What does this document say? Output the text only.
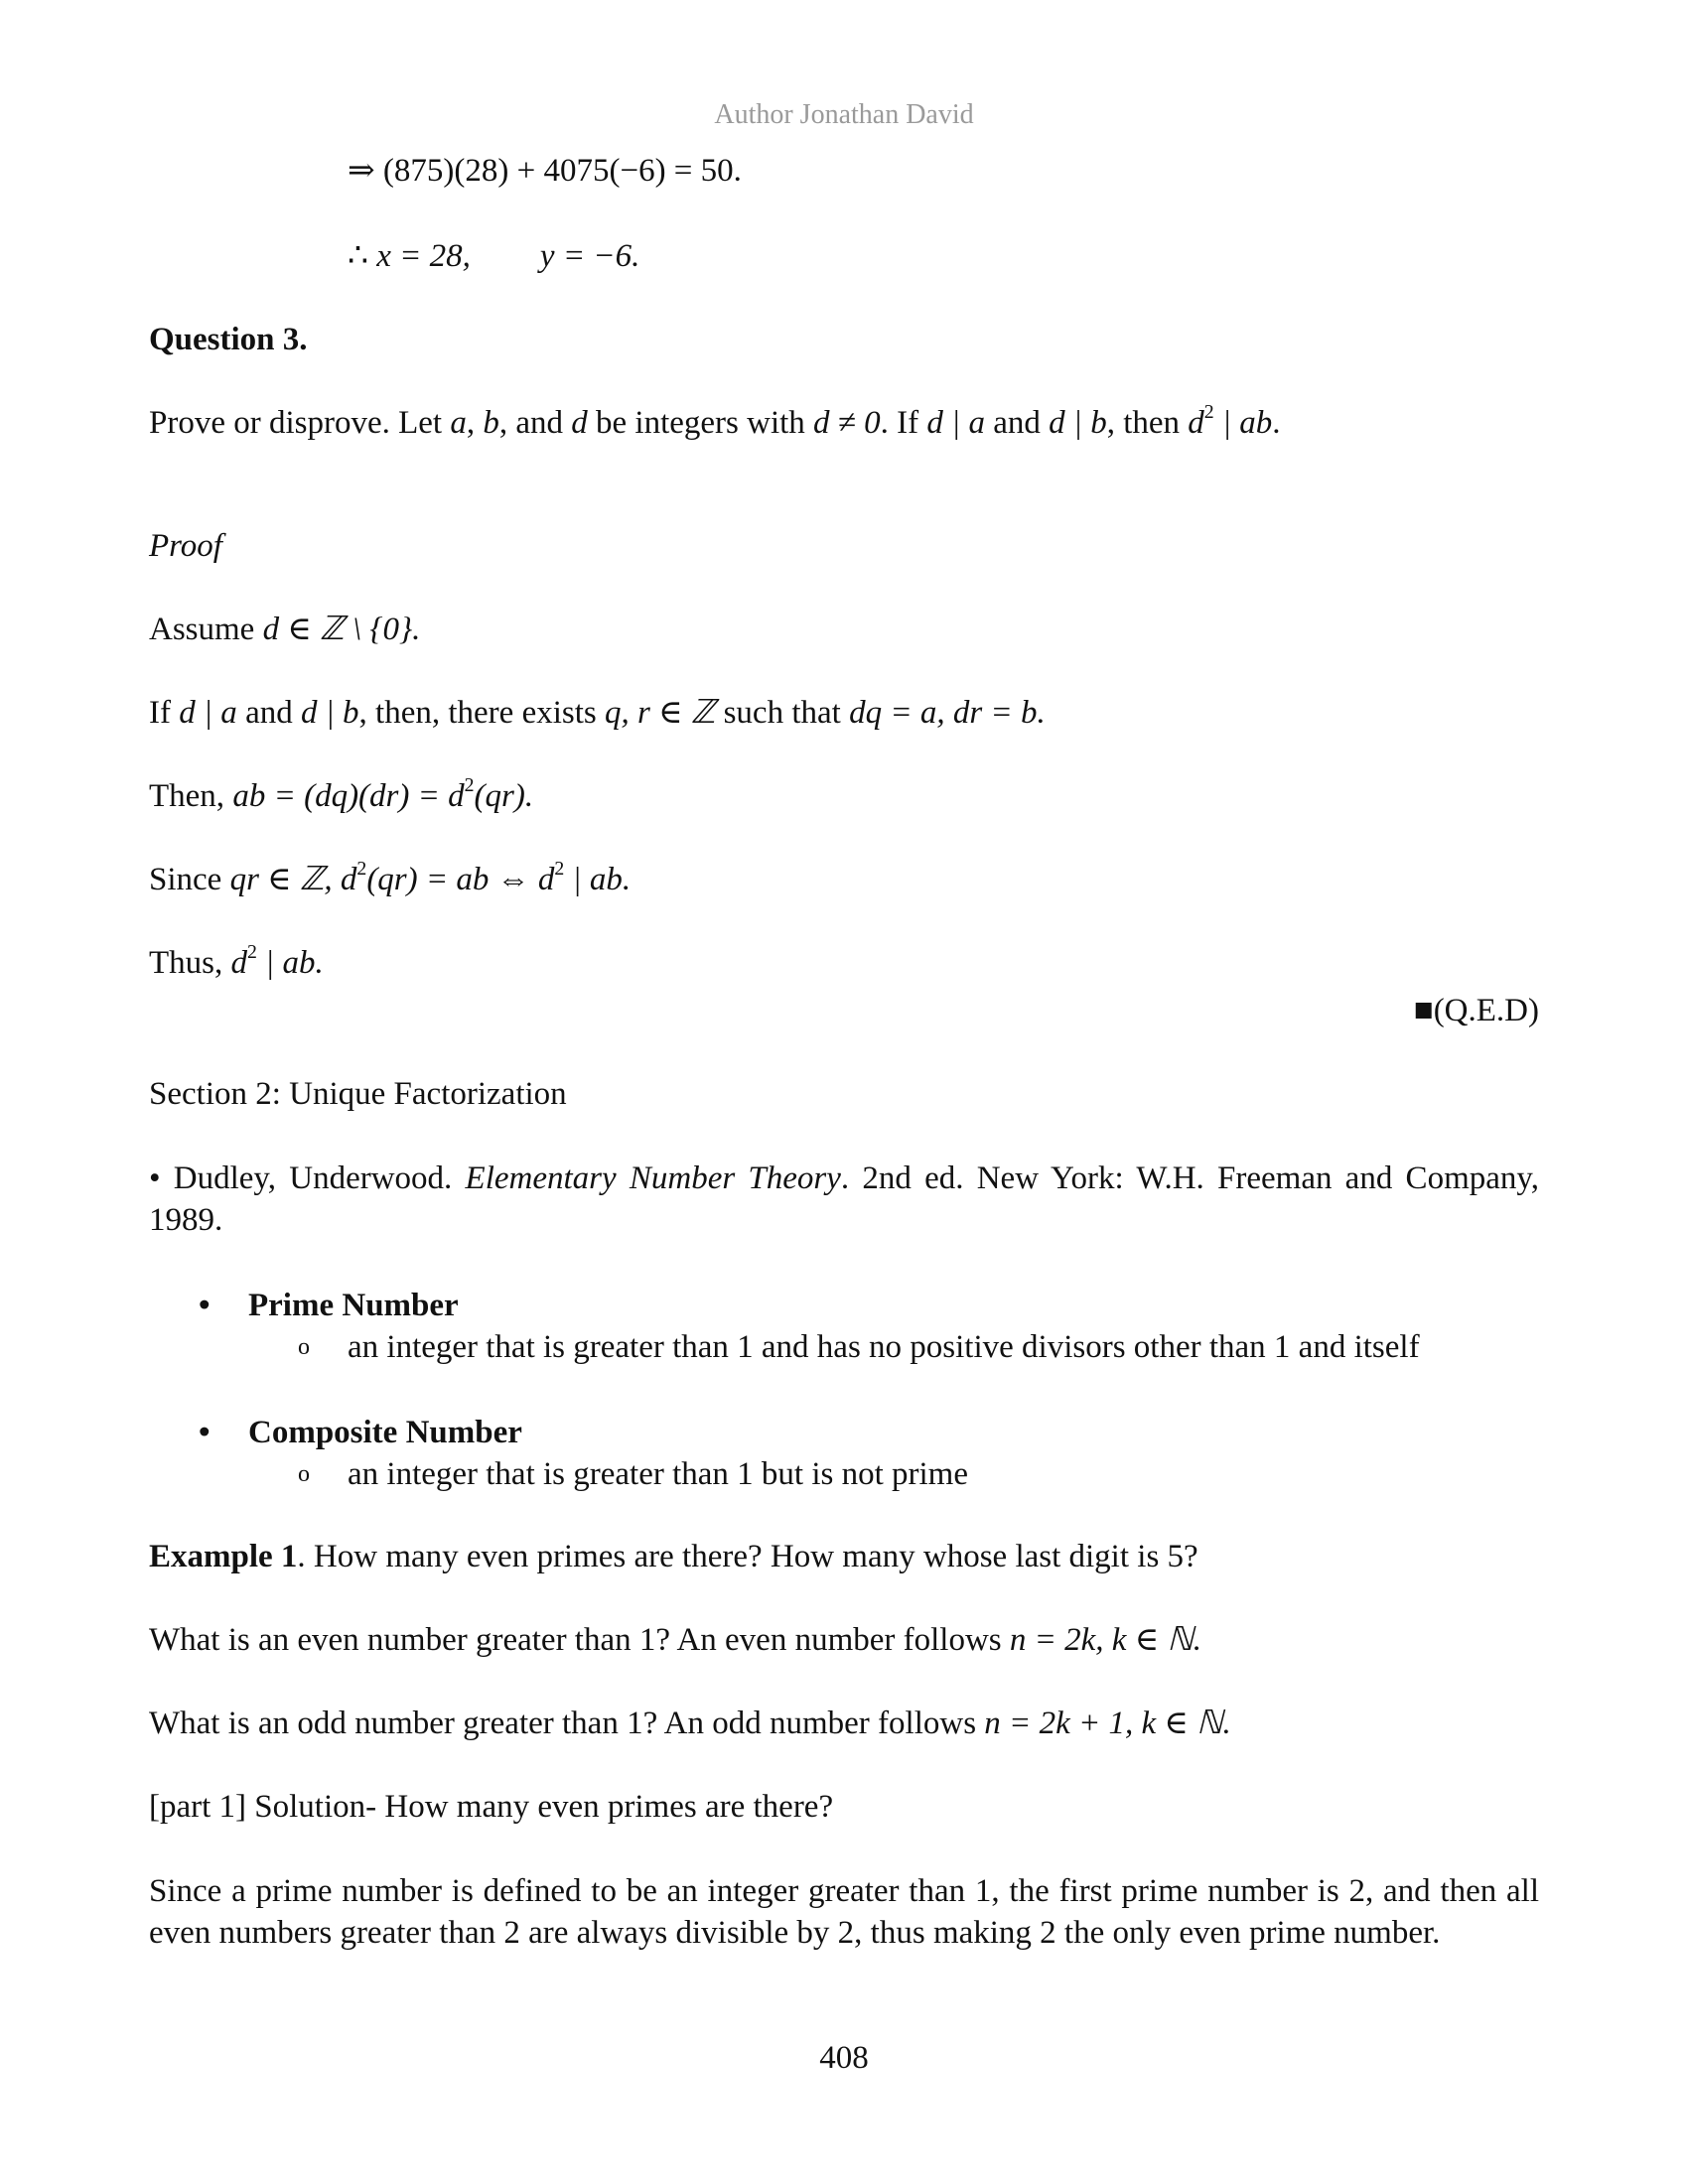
Author Jonathan David
⇒ (875)(28) + 4075(−6) = 50.
∴ x = 28, y = −6.
Question 3.
Prove or disprove. Let a, b, and d be integers with d ≠ 0. If d | a and d | b, then $d^2$ | ab.
Proof
Assume d ∈ ℤ \ {0}.
If d | a and d | b, then, there exists q, r ∈ ℤ such that dq = a, dr = b.
Then, ab = $(dq)(dr) = d^2(qr)$.
Since qr ∈ ℤ, $d^2(qr)$ = ab ⇔ $d^2$ | ab.
Thus, $d^2$ | ab.
■(Q.E.D)
Section 2: Unique Factorization
• Dudley, Underwood. Elementary Number Theory. 2nd ed. New York: W.H. Freeman and Company, 1989.
• Prime Number
o an integer that is greater than 1 and has no positive divisors other than 1 and itself
• Composite Number
o an integer that is greater than 1 but is not prime
Example 1. How many even primes are there? How many whose last digit is 5?
What is an even number greater than 1? An even number follows n = 2k, k ∈ ℕ.
What is an odd number greater than 1? An odd number follows n = 2k + 1, k ∈ ℕ.
[part 1] Solution- How many even primes are there?
Since a prime number is defined to be an integer greater than 1, the first prime number is 2, and then all even numbers greater than 2 are always divisible by 2, thus making 2 the only even prime number.
408
